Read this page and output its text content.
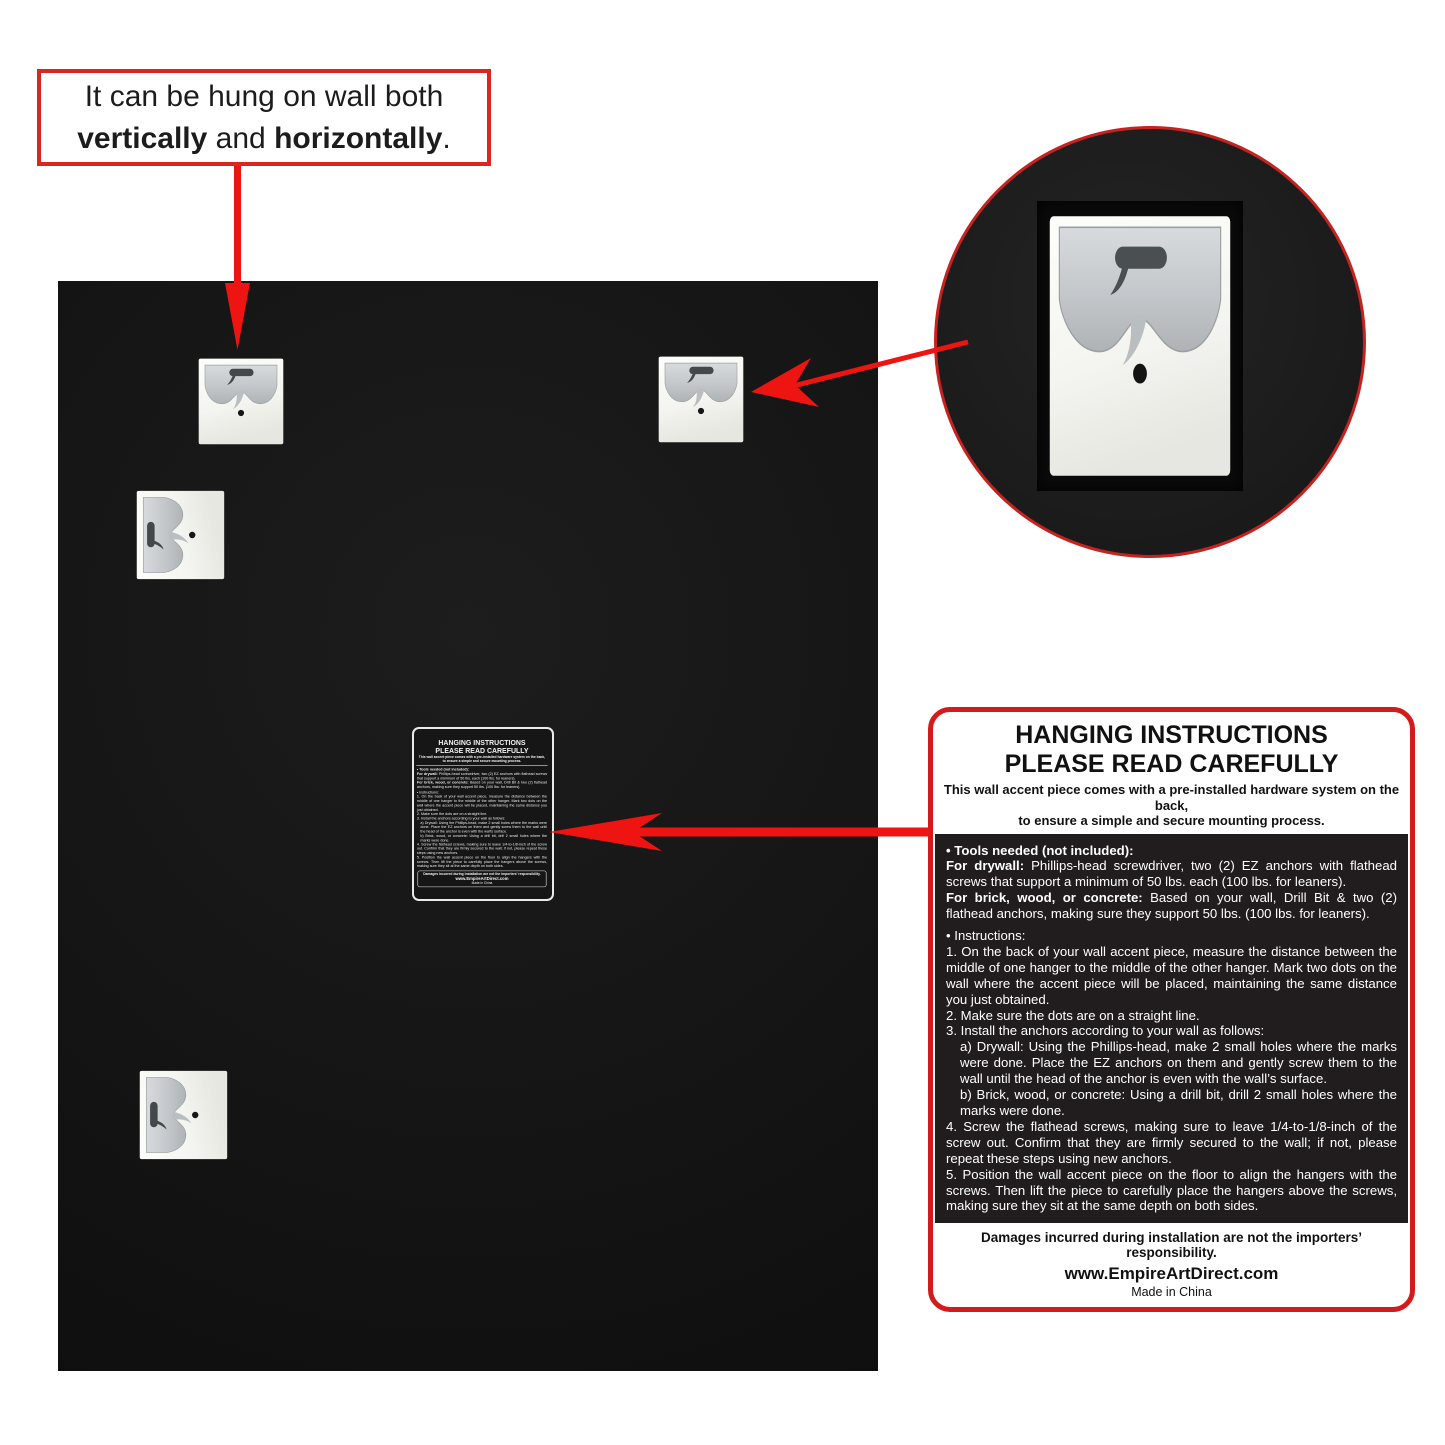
It can be hung on wall both
vertically and horizontally.
HANGING INSTRUCTIONS
PLEASE READ CAREFULLY
This wall accent piece comes with a pre-installed hardware system on the back,
to ensure a simple and secure mounting process.

• Tools needed (not included):

For drywall: Phillips-head screwdriver, two (2) EZ anchors with flathead screws that support a minimum of 50 lbs. each (100 lbs. for leaners).

For brick, wood, or concrete: Based on your wall, Drill Bit & two (2) flathead anchors, making sure they support 50 lbs. (100 lbs. for leaners).

• Instructions:

1. On the back of your wall accent piece, measure the distance between the middle of one hanger to the middle of the other hanger. Mark two dots on the wall where the accent piece will be placed, maintaining the same distance you just obtained.

2. Make sure the dots are on a straight line.

3. Install the anchors according to your wall as follows:

a) Drywall: Using the Phillips-head, make 2 small holes where the marks were done. Place the EZ anchors on them and gently screw them to the wall until the head of the anchor is even with the wall’s surface.

b) Brick, wood, or concrete: Using a drill bit, drill 2 small holes where the marks were done.

4. Screw the flathead screws, making sure to leave 1/4-to-1/8-inch of the screw out. Confirm that they are firmly secured to the wall; if not, please repeat these steps using new anchors.

5. Position the wall accent piece on the floor to align the hangers with the screws. Then lift the piece to carefully place the hangers above the screws, making sure they sit at the same depth on both sides.

Damages incurred during installation are not the importers’ responsibility.
www.EmpireArtDirect.com
Made in China
HANGING INSTRUCTIONS
PLEASE READ CAREFULLY
This wall accent piece comes with a pre-installed hardware system on the back,
to ensure a simple and secure mounting process.

• Tools needed (not included):

For drywall: Phillips-head screwdriver, two (2) EZ anchors with flathead screws that support a minimum of 50 lbs. each (100 lbs. for leaners).

For brick, wood, or concrete: Based on your wall, Drill Bit & two (2) flathead anchors, making sure they support 50 lbs. (100 lbs. for leaners).

• Instructions:

1. On the back of your wall accent piece, measure the distance between the middle of one hanger to the middle of the other hanger. Mark two dots on the wall where the accent piece will be placed, maintaining the same distance you just obtained.

2. Make sure the dots are on a straight line.

3. Install the anchors according to your wall as follows:

a) Drywall: Using the Phillips-head, make 2 small holes where the marks were done. Place the EZ anchors on them and gently screw them to the wall until the head of the anchor is even with the wall’s surface.

b) Brick, wood, or concrete: Using a drill bit, drill 2 small holes where the marks were done.

4. Screw the flathead screws, making sure to leave 1/4-to-1/8-inch of the screw out. Confirm that they are firmly secured to the wall; if not, please repeat these steps using new anchors.

5. Position the wall accent piece on the floor to align the hangers with the screws. Then lift the piece to carefully place the hangers above the screws, making sure they sit at the same depth on both sides.

Damages incurred during installation are not the importers’ responsibility.
www.EmpireArtDirect.com
Made in China
